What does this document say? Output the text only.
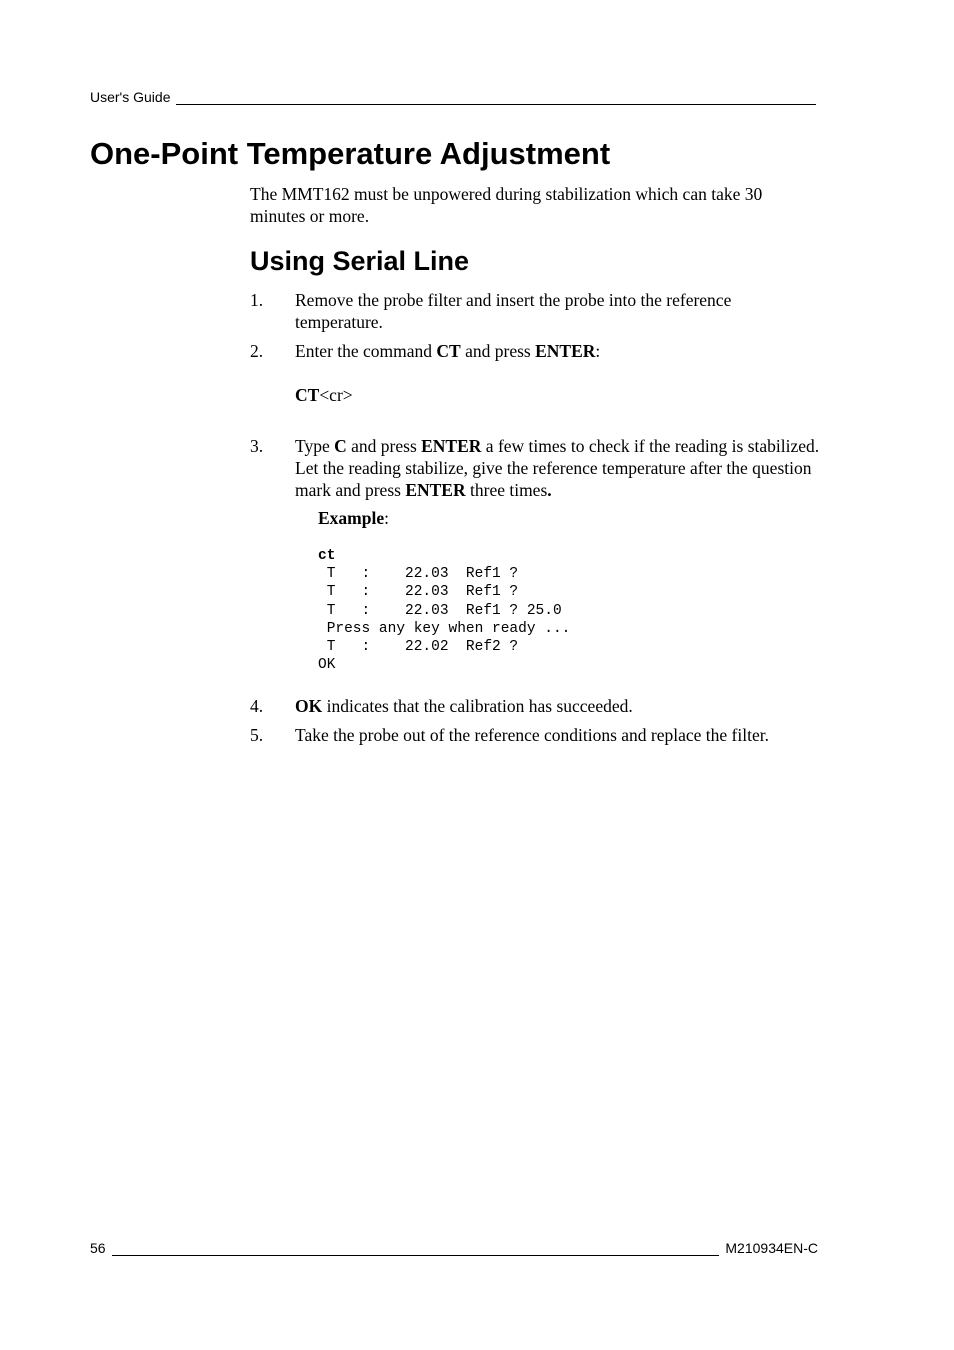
User's Guide
One-Point Temperature Adjustment

The MMT162 must be unpowered during stabilization which can take 30 minutes or more.

Using Serial Line
1.	Remove the probe filter and insert the probe into the reference temperature.
2.	Enter the command CT and press ENTER:
CT<cr>
3.	Type C and press ENTER a few times to check if the reading is stabilized. Let the reading stabilize, give the reference temperature after the question mark and press ENTER three times.
Example:
ct
T   :    22.03  Ref1 ?
T   :    22.03  Ref1 ?
T   :    22.03  Ref1 ? 25.0
Press any key when ready ...
T   :    22.02  Ref2 ?
OK
4.	OK indicates that the calibration has succeeded.
5.	Take the probe out of the reference conditions and replace the filter.
56	M210934EN-C
